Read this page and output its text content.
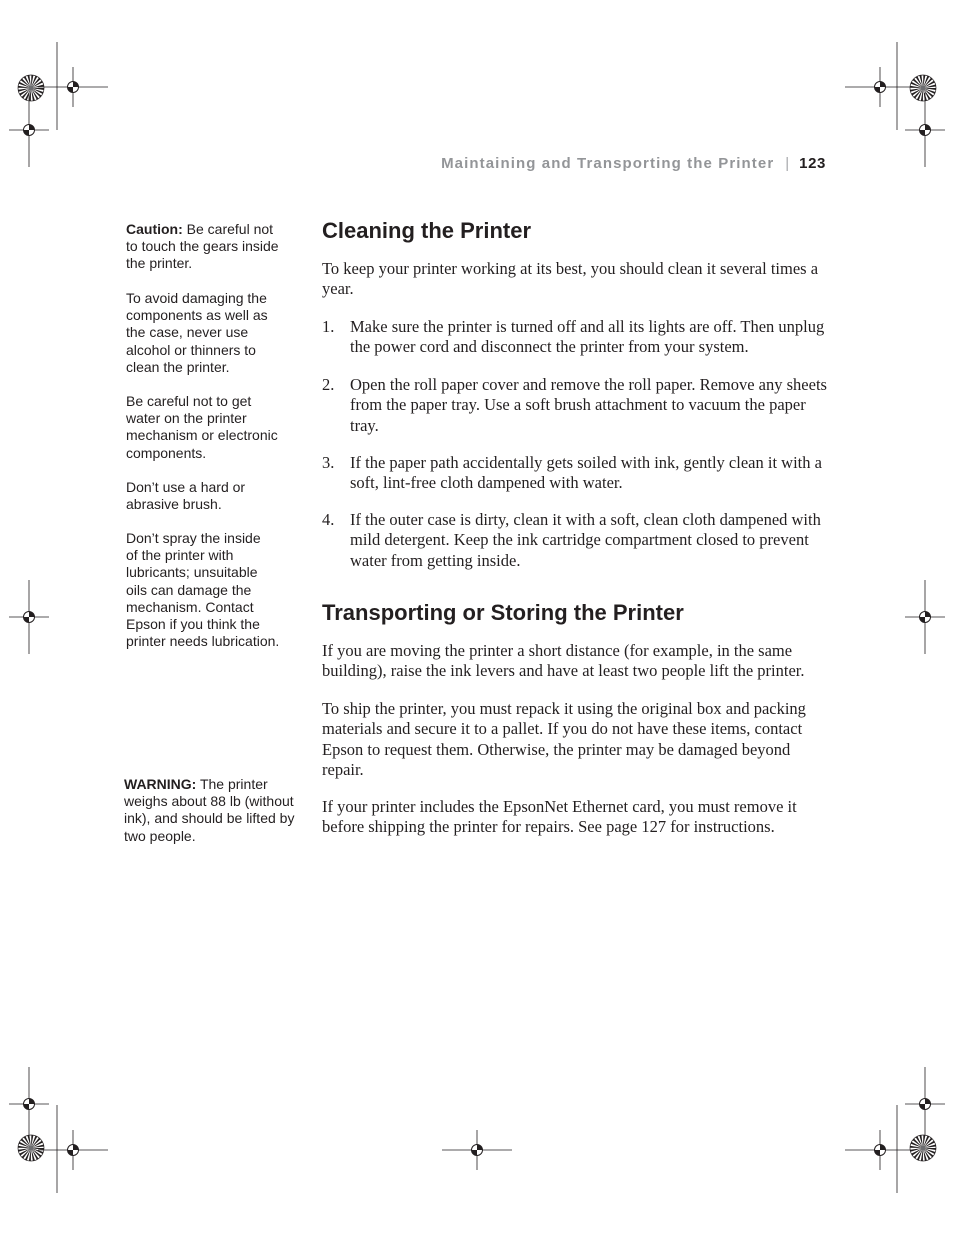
Maintaining and Transporting the Printer | 123
Caution: Be careful not
to touch the gears inside
the printer.
To avoid damaging the
components as well as
the case, never use
alcohol or thinners to
clean the printer.
Be careful not to get
water on the printer
mechanism or electronic
components.
Don’t use a hard or
abrasive brush.
Don’t spray the inside
of the printer with
lubricants; unsuitable
oils can damage the
mechanism. Contact
Epson if you think the
printer needs lubrication.
WARNING: The printer
weighs about 88 lb (without
ink), and should be lifted by
two people.
Cleaning the Printer
To keep your printer working at its best, you should clean it several times a
year.
1. Make sure the printer is turned off and all its lights are off. Then unplug
the power cord and disconnect the printer from your system.
2. Open the roll paper cover and remove the roll paper. Remove any sheets
from the paper tray. Use a soft brush attachment to vacuum the paper
tray.
3. If the paper path accidentally gets soiled with ink, gently clean it with a
soft, lint-free cloth dampened with water.
4. If the outer case is dirty, clean it with a soft, clean cloth dampened with
mild detergent. Keep the ink cartridge compartment closed to prevent
water from getting inside.
Transporting or Storing the Printer
If you are moving the printer a short distance (for example, in the same
building), raise the ink levers and have at least two people lift the printer.
To ship the printer, you must repack it using the original box and packing
materials and secure it to a pallet. If you do not have these items, contact
Epson to request them. Otherwise, the printer may be damaged beyond
repair.
If your printer includes the EpsonNet Ethernet card, you must remove it
before shipping the printer for repairs. See page 127 for instructions.
